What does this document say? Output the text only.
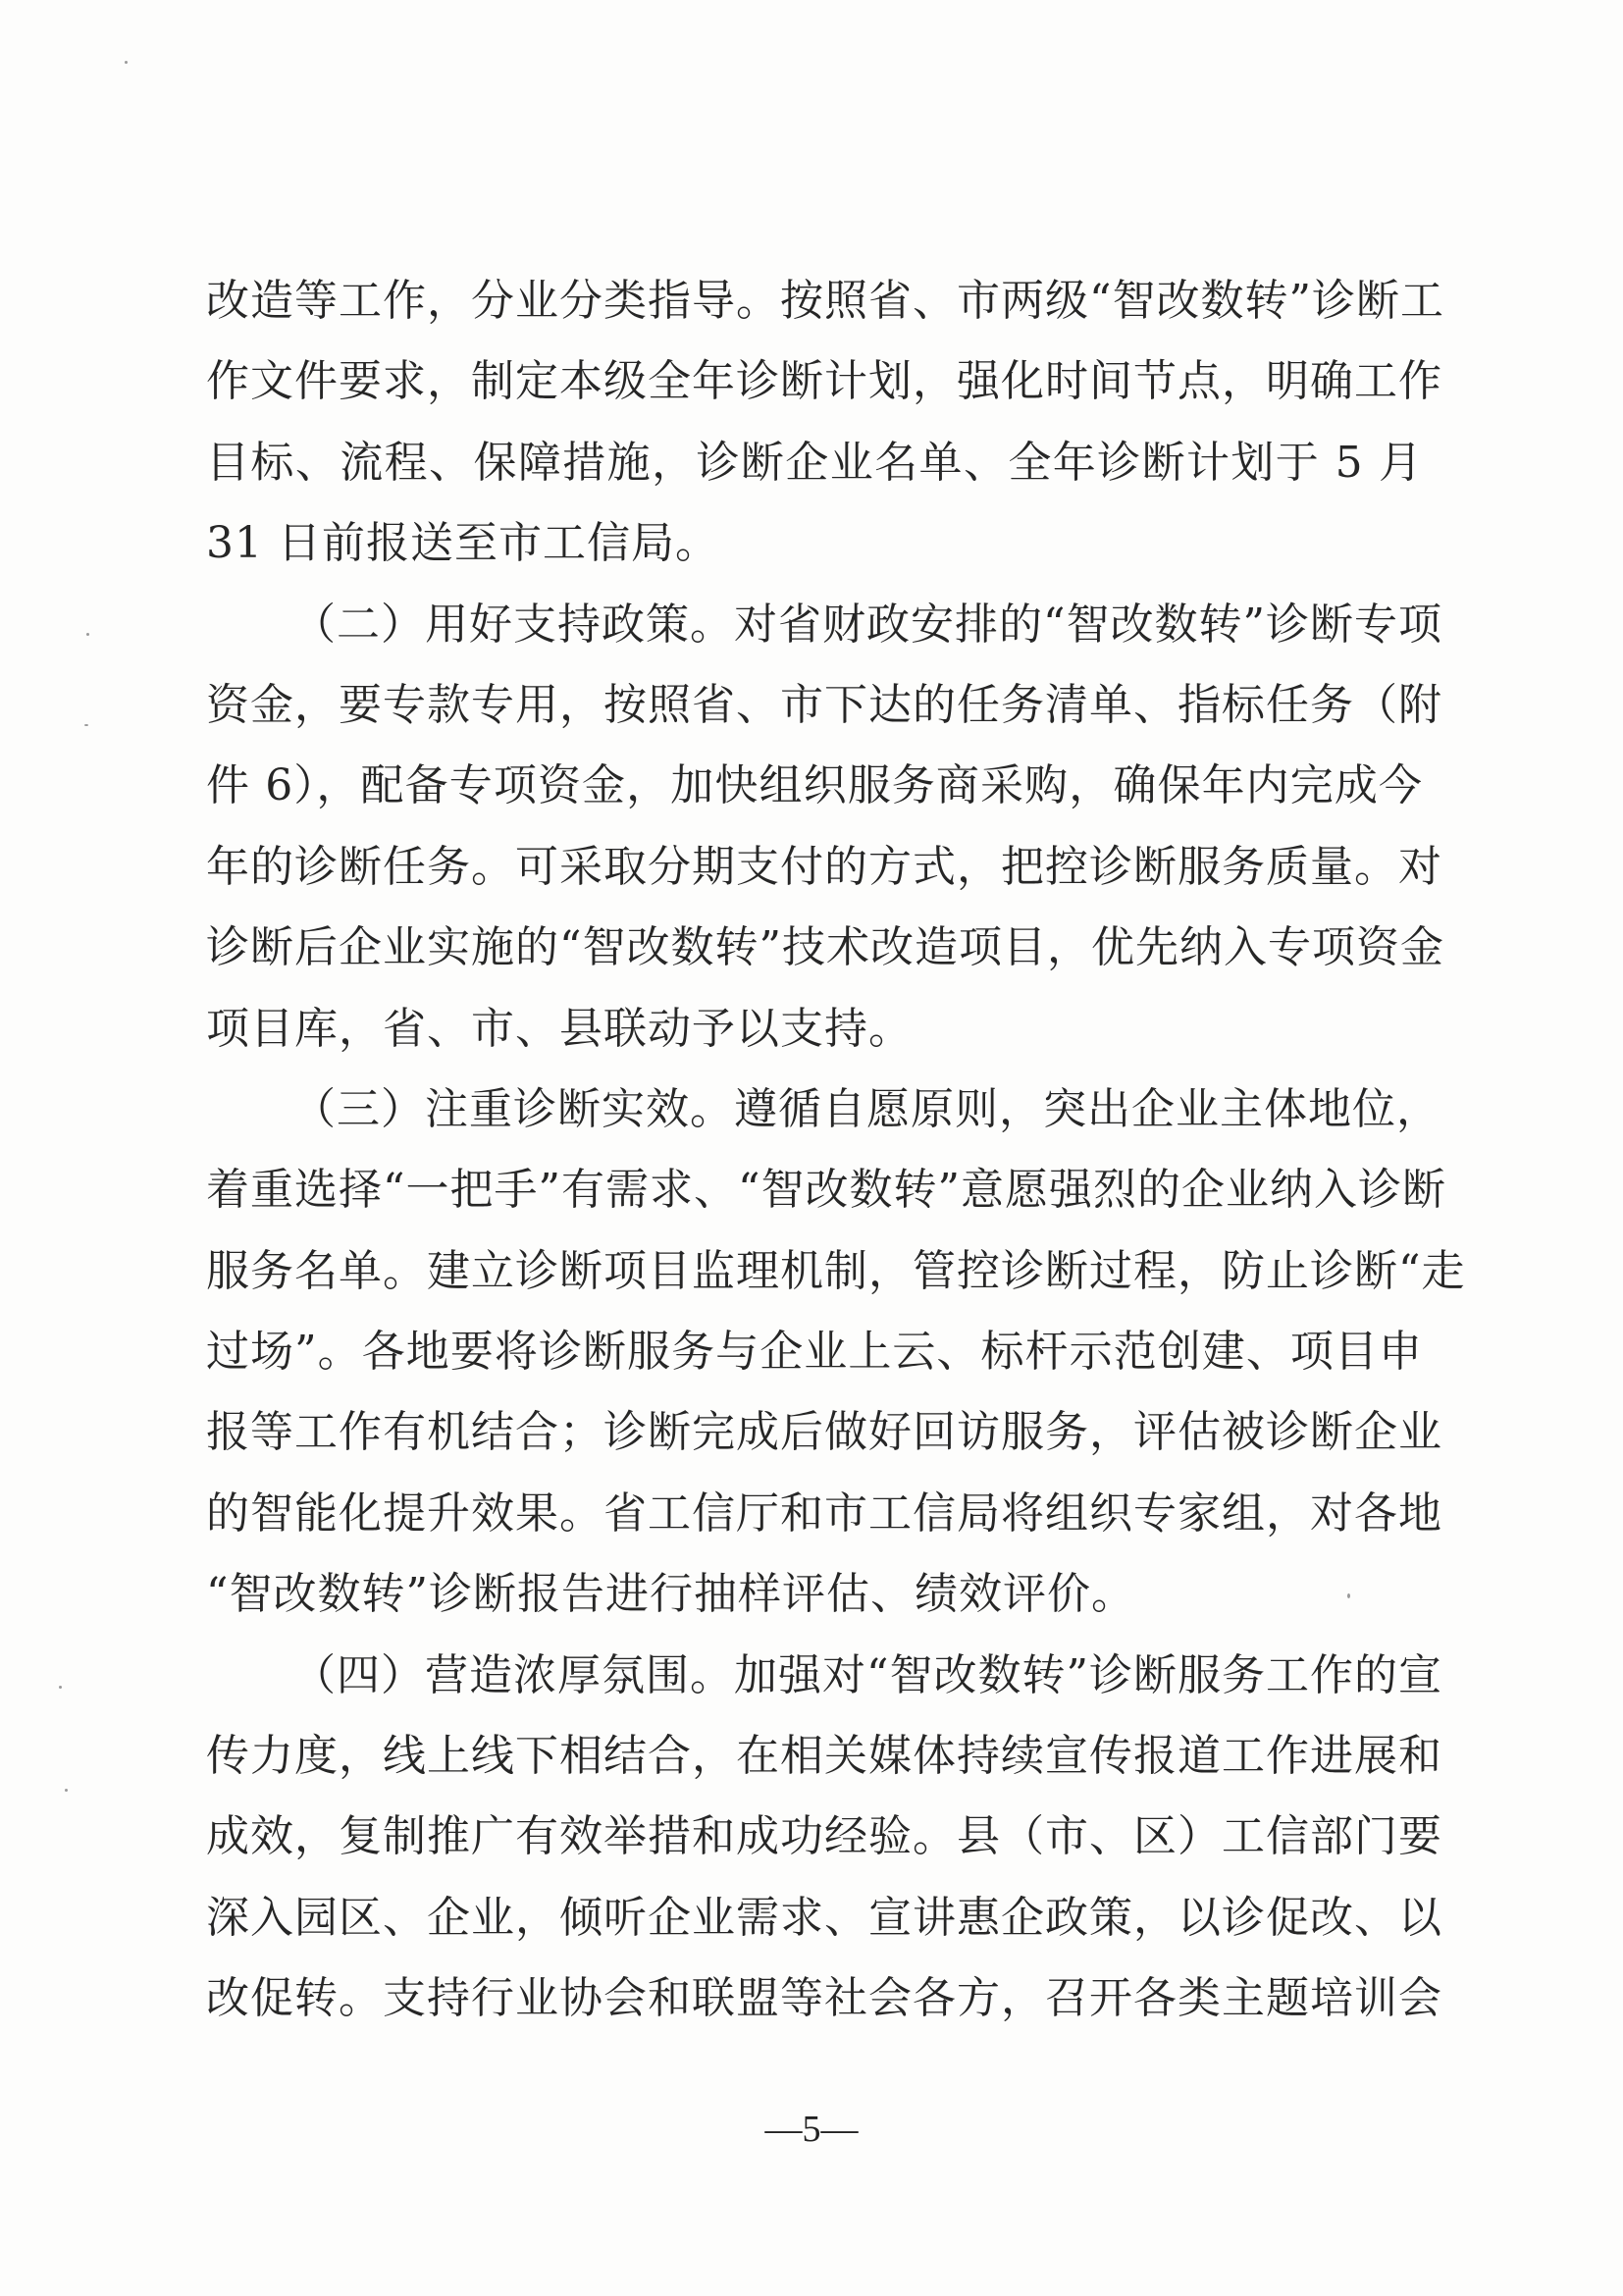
改造等工作，分业分类指导。按照省、市两级“智改数转”诊断工
作文件要求，制定本级全年诊断计划，强化时间节点，明确工作
目标、流程、保障措施，诊断企业名单、全年诊断计划于 5 月
31 日前报送至市工信局。
（二）用好支持政策。对省财政安排的“智改数转”诊断专项
资金，要专款专用，按照省、市下达的任务清单、指标任务（附
件 6），配备专项资金，加快组织服务商采购，确保年内完成今
年的诊断任务。可采取分期支付的方式，把控诊断服务质量。对
诊断后企业实施的“智改数转”技术改造项目，优先纳入专项资金
项目库，省、市、县联动予以支持。
（三）注重诊断实效。遵循自愿原则，突出企业主体地位，
着重选择“一把手”有需求、“智改数转”意愿强烈的企业纳入诊断
服务名单。建立诊断项目监理机制，管控诊断过程，防止诊断“走
过场”。各地要将诊断服务与企业上云、标杆示范创建、项目申
报等工作有机结合；诊断完成后做好回访服务，评估被诊断企业
的智能化提升效果。省工信厅和市工信局将组织专家组，对各地
“智改数转”诊断报告进行抽样评估、绩效评价。
（四）营造浓厚氛围。加强对“智改数转”诊断服务工作的宣
传力度，线上线下相结合，在相关媒体持续宣传报道工作进展和
成效，复制推广有效举措和成功经验。县（市、区）工信部门要
深入园区、企业，倾听企业需求、宣讲惠企政策，以诊促改、以
改促转。支持行业协会和联盟等社会各方，召开各类主题培训会
—5—
